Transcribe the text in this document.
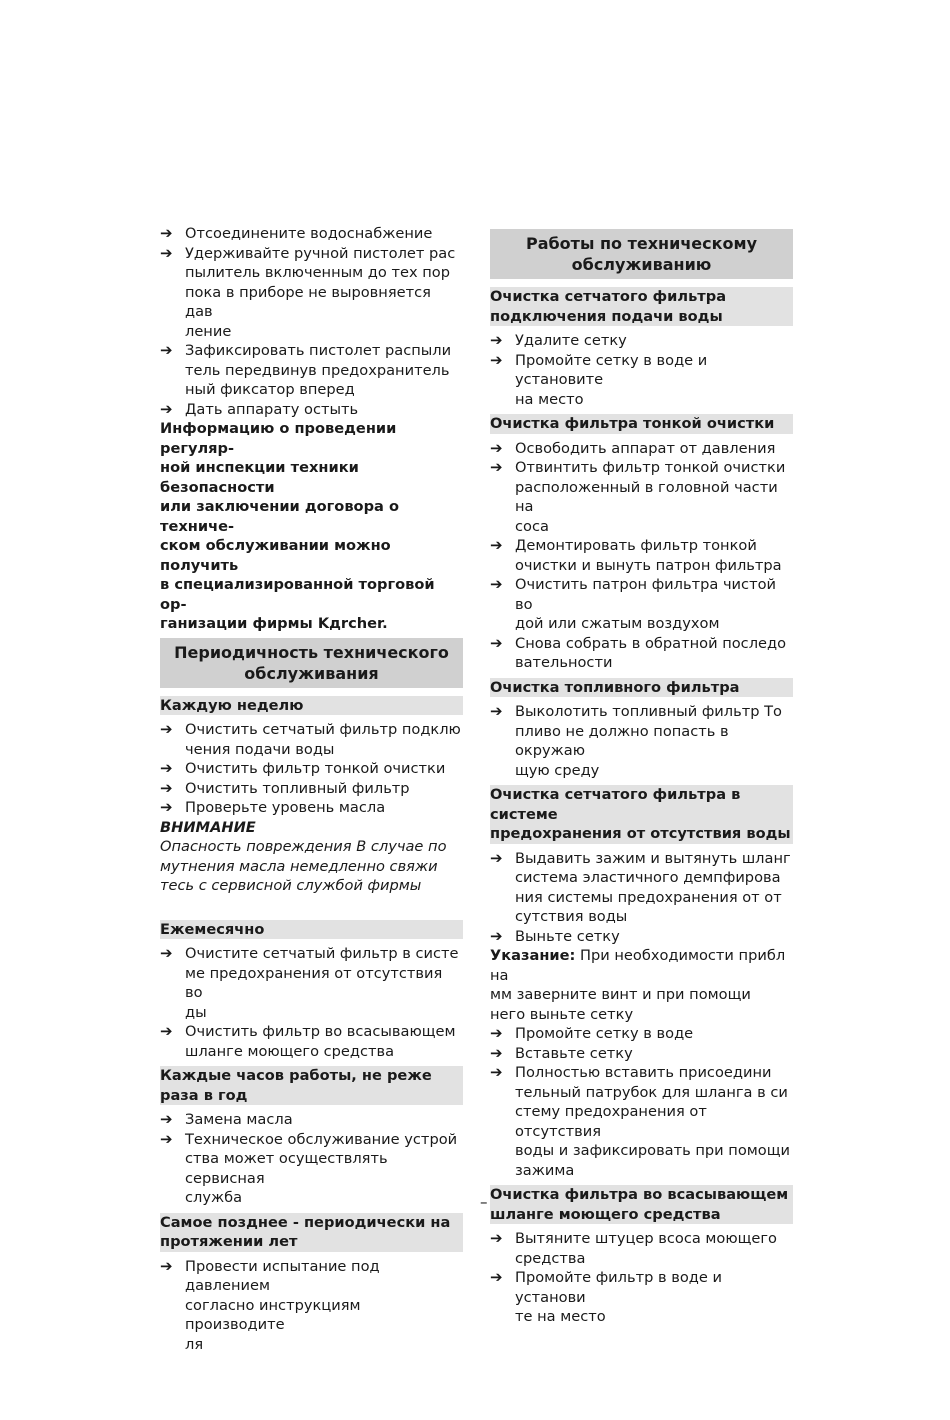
➔ Отсоединените водоснабжение
➔ Удерживайте ручной пистолет рас
пылитель включенным до тех пор
пока в приборе не выровняется дав
ление
➔ Зафиксировать пистолет распыли
тель передвинув предохранитель
ный фиксатор вперед
➔ Дать аппарату остыть
Информацию о проведении регуляр-
ной инспекции техники безопасности
или заключении договора о техниче-
ском обслуживании можно получить
в специализированной торговой ор-
ганизации фирмы Kдrcher.
Периодичность технического
обслуживания
Каждую неделю
➔ Очистить сетчатый фильтр подклю
чения подачи воды
➔ Очистить фильтр тонкой очистки
➔ Очистить топливный фильтр
➔ Проверьте уровень масла
ВНИМАНИЕ
Опасность повреждения В случае по
мутнения масла немедленно свяжи
тесь с сервисной службой фирмы
Ежемесячно
➔ Очистите сетчатый фильтр в систе
ме предохранения от отсутствия во
ды
➔ Очистить фильтр во всасывающем
шланге моющего средства
Каждые часов работы, не реже
раза в год
➔ Замена масла
➔ Техническое обслуживание устрой
ства может осуществлять сервисная
служба
Самое позднее - периодически на
протяжении лет
➔ Провести испытание под давлением
согласно инструкциям производите
ля
Работы по техническому
обслуживанию
Очистка сетчатого фильтра
подключения подачи воды
➔ Удалите сетку
➔ Промойте сетку в воде и установите
на место
Очистка фильтра тонкой очистки
➔ Освободить аппарат от давления
➔ Отвинтить фильтр тонкой очистки
расположенный в головной части на
соса
➔ Демонтировать фильтр тонкой
очистки и вынуть патрон фильтра
➔ Очистить патрон фильтра чистой во
дой или сжатым воздухом
➔ Снова собрать в обратной последо
вательности
Очистка топливного фильтра
➔ Выколотить топливный фильтр То
пливо не должно попасть в окружаю
щую среду
Очистка сетчатого фильтра в системе
предохранения от отсутствия воды
➔ Выдавить зажим и вытянуть шланг
система эластичного демпфирова
ния системы предохранения от от
сутствия воды
➔ Выньте сетку
Указание: При необходимости прибл на
мм заверните винт и при помощи
него выньте сетку
➔ Промойте сетку в воде
➔ Вставьте сетку
➔ Полностью вставить присоедини
тельный патрубок для шланга в си
стему предохранения от отсутствия
воды и зафиксировать при помощи
зажима
Очистка фильтра во всасывающем
шланге моющего средства
➔ Вытяните штуцер всоса моющего
средства
➔ Промойте фильтр в воде и установи
те на место
–
